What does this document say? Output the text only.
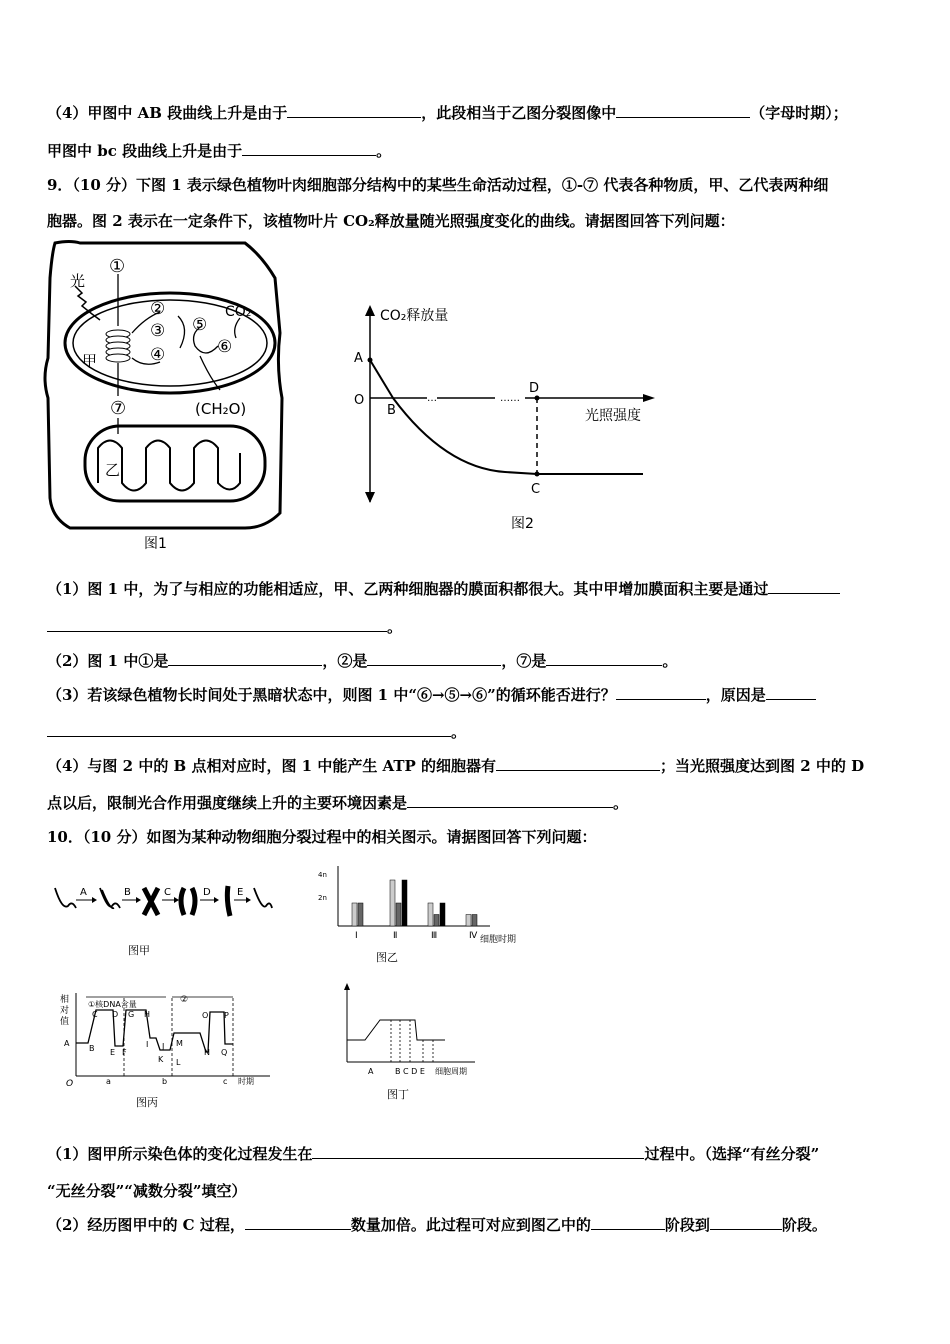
（4）甲图中 AB 段曲线上升是由于	，此段相当于乙图分裂图像中	（字母时期）；
甲图中 bc 段曲线上升是由于	。
9．（10 分）下图 1 表示绿色植物叶肉细胞部分结构中的某些生命活动过程，①-⑦ 代表各种物质，甲、乙代表两种细
胞器。图 2 表示在一定条件下，该植物叶片 CO₂释放量随光照强度变化的曲线。请据图回答下列问题：
光
①
②
③
④
⑤
⑥
CO₂
甲
⑦	(CH₂O)
乙
图1
…	……
CO₂释放量
光照强度
A
O
B
D
C
图2
（1）图 1 中，为了与相应的功能相适应，甲、乙两种细胞器的膜面积都很大。其中甲增加膜面积主要是通过
。
（2）图 1 中①是	，②是	，⑦是	。
（3）若该绿色植物长时间处于黑暗状态中，则图 1 中“⑥→⑤→⑥”的循环能否进行？	，原因是
。
（4）与图 2 中的 B 点相对应时，图 1 中能产生 ATP 的细胞器有	；当光照强度达到图 2 中的 D
点以后，限制光合作用强度继续上升的主要环境因素是	。
10．（10 分）如图为某种动物细胞分裂过程中的相关图示。请据图回答下列问题：
A	B	C	D	E
图甲
4n
2n
Ⅰ	Ⅱ	Ⅲ	Ⅳ 细胞时期
图乙
相
对
值
①核DNA含量	②
C D G H	O P
A
B E F
I J
K
M
L
N Q
O	a	b	c 时期
图丙
A	B C D E 细胞周期
图丁
（1）图甲所示染色体的变化过程发生在	过程中。（选择“有丝分裂”
“无丝分裂”“减数分裂”填空）
（2）经历图甲中的 C 过程，	数量加倍。此过程可对应到图乙中的	阶段到	阶段。
